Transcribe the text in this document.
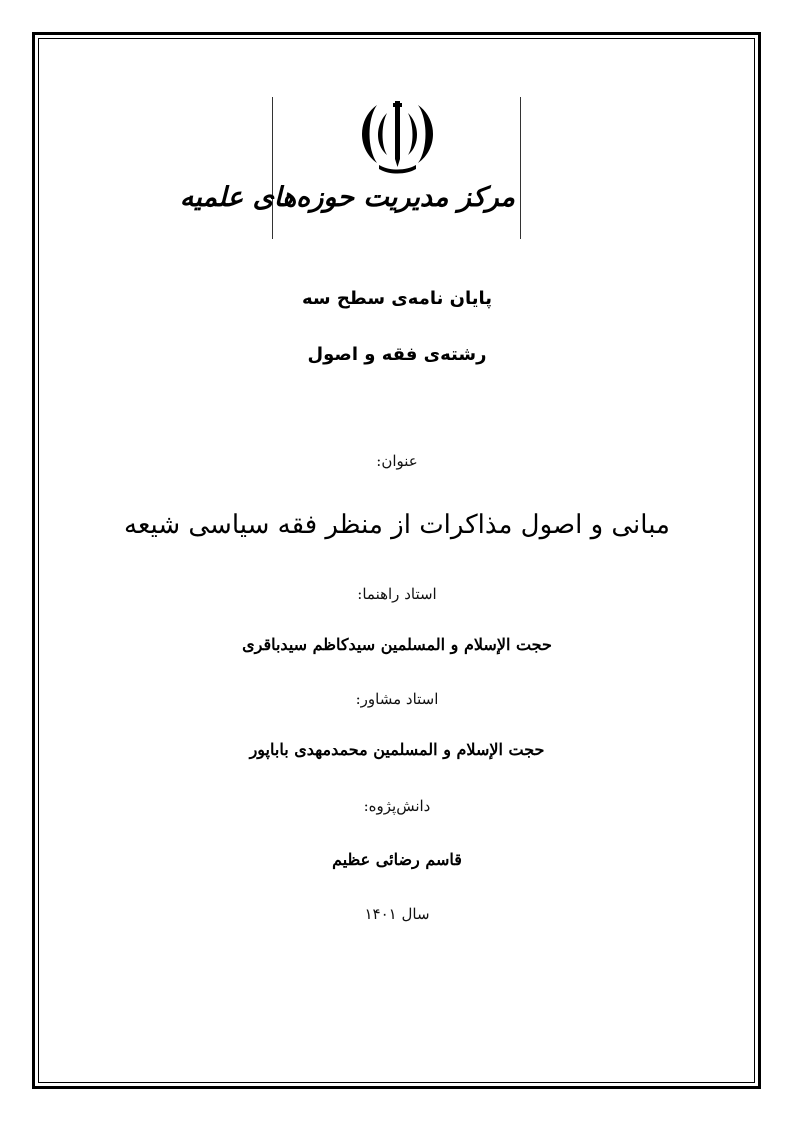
مرکز مدیریت حوزه‌های علمیه
پایان نامه‌ی سطح سه
رشته‌ی فقه و اصول
عنوان:
مبانی و اصول مذاکرات از منظر فقه سیاسی شیعه
استاد راهنما:
حجت الإسلام و المسلمین سیدکاظم سیدباقری
استاد مشاور:
حجت الإسلام و المسلمین محمدمهدی باباپور
دانش‌پژوه:
قاسم رضائی عظیم
سال ۱۴۰۱
